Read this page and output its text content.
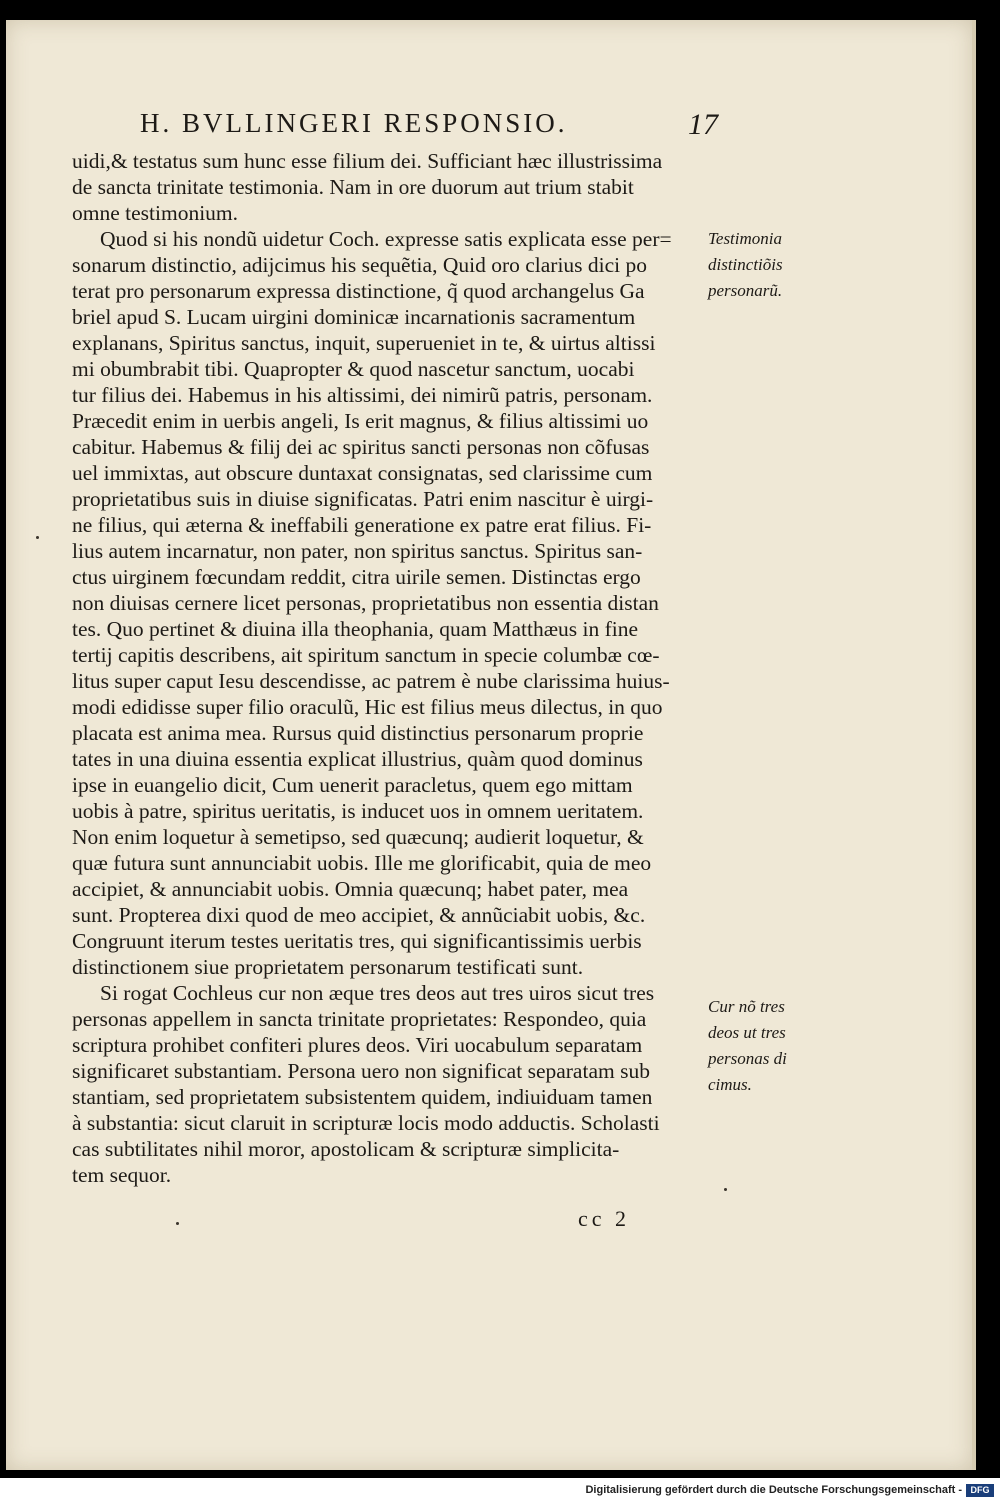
H. BVLLINGERI RESPONSIO.	17
uidi,& testatus sum hunc esse filium dei. Sufficiant hæc illustrissima
de sancta trinitate testimonia. Nam in ore duorum aut trium stabit
omne testimonium.
Quod si his nondũ uidetur Coch. expresse satis explicata esse per=
sonarum distinctio, adijcimus his sequẽtia, Quid oro clarius dici po
terat pro personarum expressa distinctione, q̃ quod archangelus Ga
briel apud S. Lucam uirgini dominicæ incarnationis sacramentum
explanans, Spiritus sanctus, inquit, superueniet in te, & uirtus altissi
mi obumbrabit tibi. Quapropter & quod nascetur sanctum, uocabi
tur filius dei. Habemus in his altissimi, dei nimirũ patris, personam.
Præcedit enim in uerbis angeli, Is erit magnus, & filius altissimi uo
cabitur. Habemus & filij dei ac spiritus sancti personas non cõfusas
uel immixtas, aut obscure duntaxat consignatas, sed clarissime cum
proprietatibus suis in diuise significatas. Patri enim nascitur è uirgi-
ne filius, qui æterna & ineffabili generatione ex patre erat filius. Fi-
lius autem incarnatur, non pater, non spiritus sanctus. Spiritus san-
ctus uirginem fœcundam reddit, citra uirile semen. Distinctas ergo
non diuisas cernere licet personas, proprietatibus non essentia distan
tes. Quo pertinet & diuina illa theophania, quam Matthæus in fine
tertij capitis describens, ait spiritum sanctum in specie columbæ cœ-
litus super caput Iesu descendisse, ac patrem è nube clarissima huius-
modi edidisse super filio oraculũ, Hic est filius meus dilectus, in quo
placata est anima mea. Rursus quid distinctius personarum proprie
tates in una diuina essentia explicat illustrius, quàm quod dominus
ipse in euangelio dicit, Cum uenerit paracletus, quem ego mittam
uobis à patre, spiritus ueritatis, is inducet uos in omnem ueritatem.
Non enim loquetur à semetipso, sed quæcunq; audierit loquetur, &
quæ futura sunt annunciabit uobis. Ille me glorificabit, quia de meo
accipiet, & annunciabit uobis. Omnia quæcunq; habet pater, mea
sunt. Propterea dixi quod de meo accipiet, & annũciabit uobis, &c.
Congruunt iterum testes ueritatis tres, qui significantissimis uerbis
distinctionem siue proprietatem personarum testificati sunt.
Si rogat Cochleus cur non æque tres deos aut tres uiros sicut tres
personas appellem in sancta trinitate proprietates: Respondeo, quia
scriptura prohibet confiteri plures deos. Viri uocabulum separatam
significaret substantiam. Persona uero non significat separatam sub
stantiam, sed proprietatem subsistentem quidem, indiuiduam tamen
à substantia: sicut claruit in scripturæ locis modo adductis. Scholasti
cas subtilitates nihil moror, apostolicam & scripturæ simplicita-
tem sequor.
Testimonia
distinctiõis
personarũ.
Cur nõ tres
deos ut tres
personas di
cimus.
cc 2
Digitalisierung gefördert durch die Deutsche Forschungsgemeinschaft - DFG
